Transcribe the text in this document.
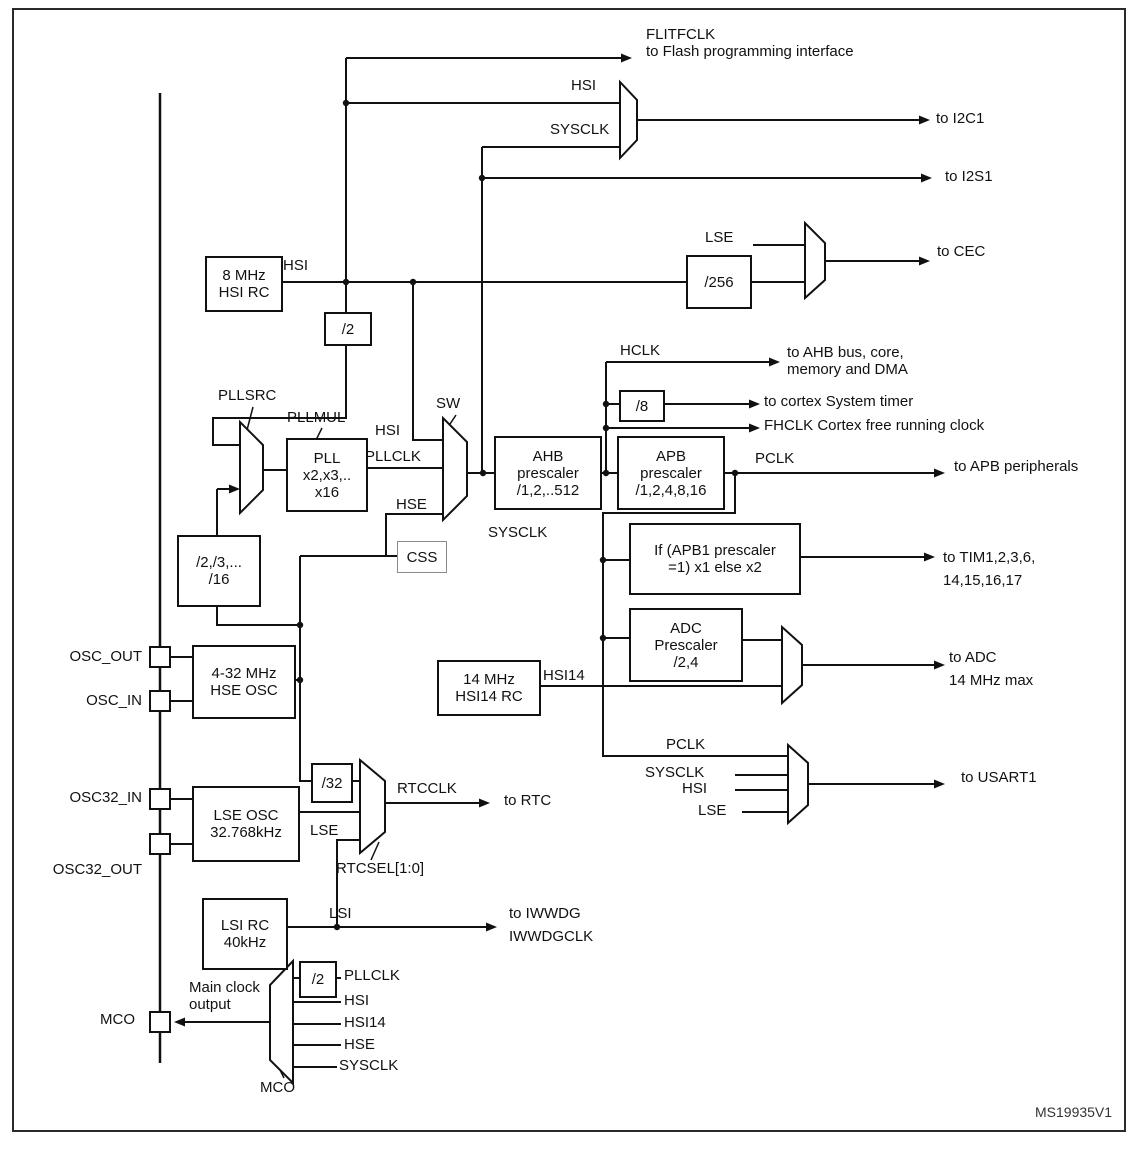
8 MHz
HSI RC
/2
PLL
x2,x3,..
x16
/2,/3,...
/16
4-32 MHz
HSE OSC
LSE OSC
32.768kHz
LSI RC
40kHz
/32
/256
/8
AHB
prescaler
/1,2,..512
APB
prescaler
/1,2,4,8,16
If (APB1 prescaler
=1) x1 else x2
ADC
Prescaler
/2,4
14 MHz
HSI14 RC
CSS
/2
FLITFCLK
to Flash programming interface
to I2C1
to I2S1
to CEC
to AHB bus, core,
memory and DMA
to cortex System timer
FHCLK Cortex free running clock
to APB peripherals
to TIM1,2,3,6,
14,15,16,17
to ADC
14 MHz max
to USART1
to RTC
to IWWDG
IWWDGCLK
HSI
SYSCLK
LSE
HSI
HCLK
PLLSRC
PLLMUL
SW
HSI
PLLCLK
HSE
SYSCLK
PCLK
HSI14
PCLK
SYSCLK
HSI
LSE
RTCCLK
LSE
RTCSEL[1:0]
LSI
Main clock
output
PLLCLK
HSI
HSI14
HSE
SYSCLK
MCO
OSC_OUT
OSC_IN
OSC32_IN
OSC32_OUT
MCO
MS19935V1
